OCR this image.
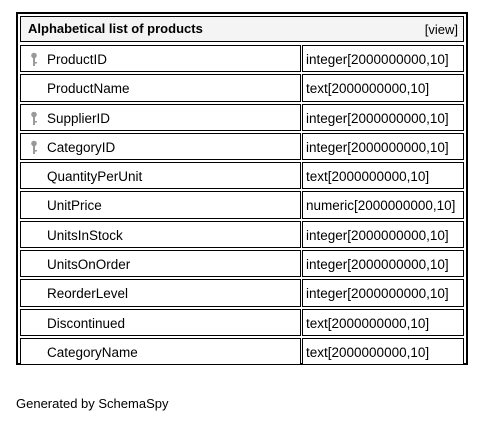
Alphabetical list of products	[view]
ProductID	integer[2000000000,10]
ProductName	text[2000000000,10]
SupplierID	integer[2000000000,10]
CategoryID	integer[2000000000,10]
QuantityPerUnit	text[2000000000,10]
UnitPrice	numeric[2000000000,10]
UnitsInStock	integer[2000000000,10]
UnitsOnOrder	integer[2000000000,10]
ReorderLevel	integer[2000000000,10]
Discontinued	text[2000000000,10]
CategoryName	text[2000000000,10]
Generated by SchemaSpy
